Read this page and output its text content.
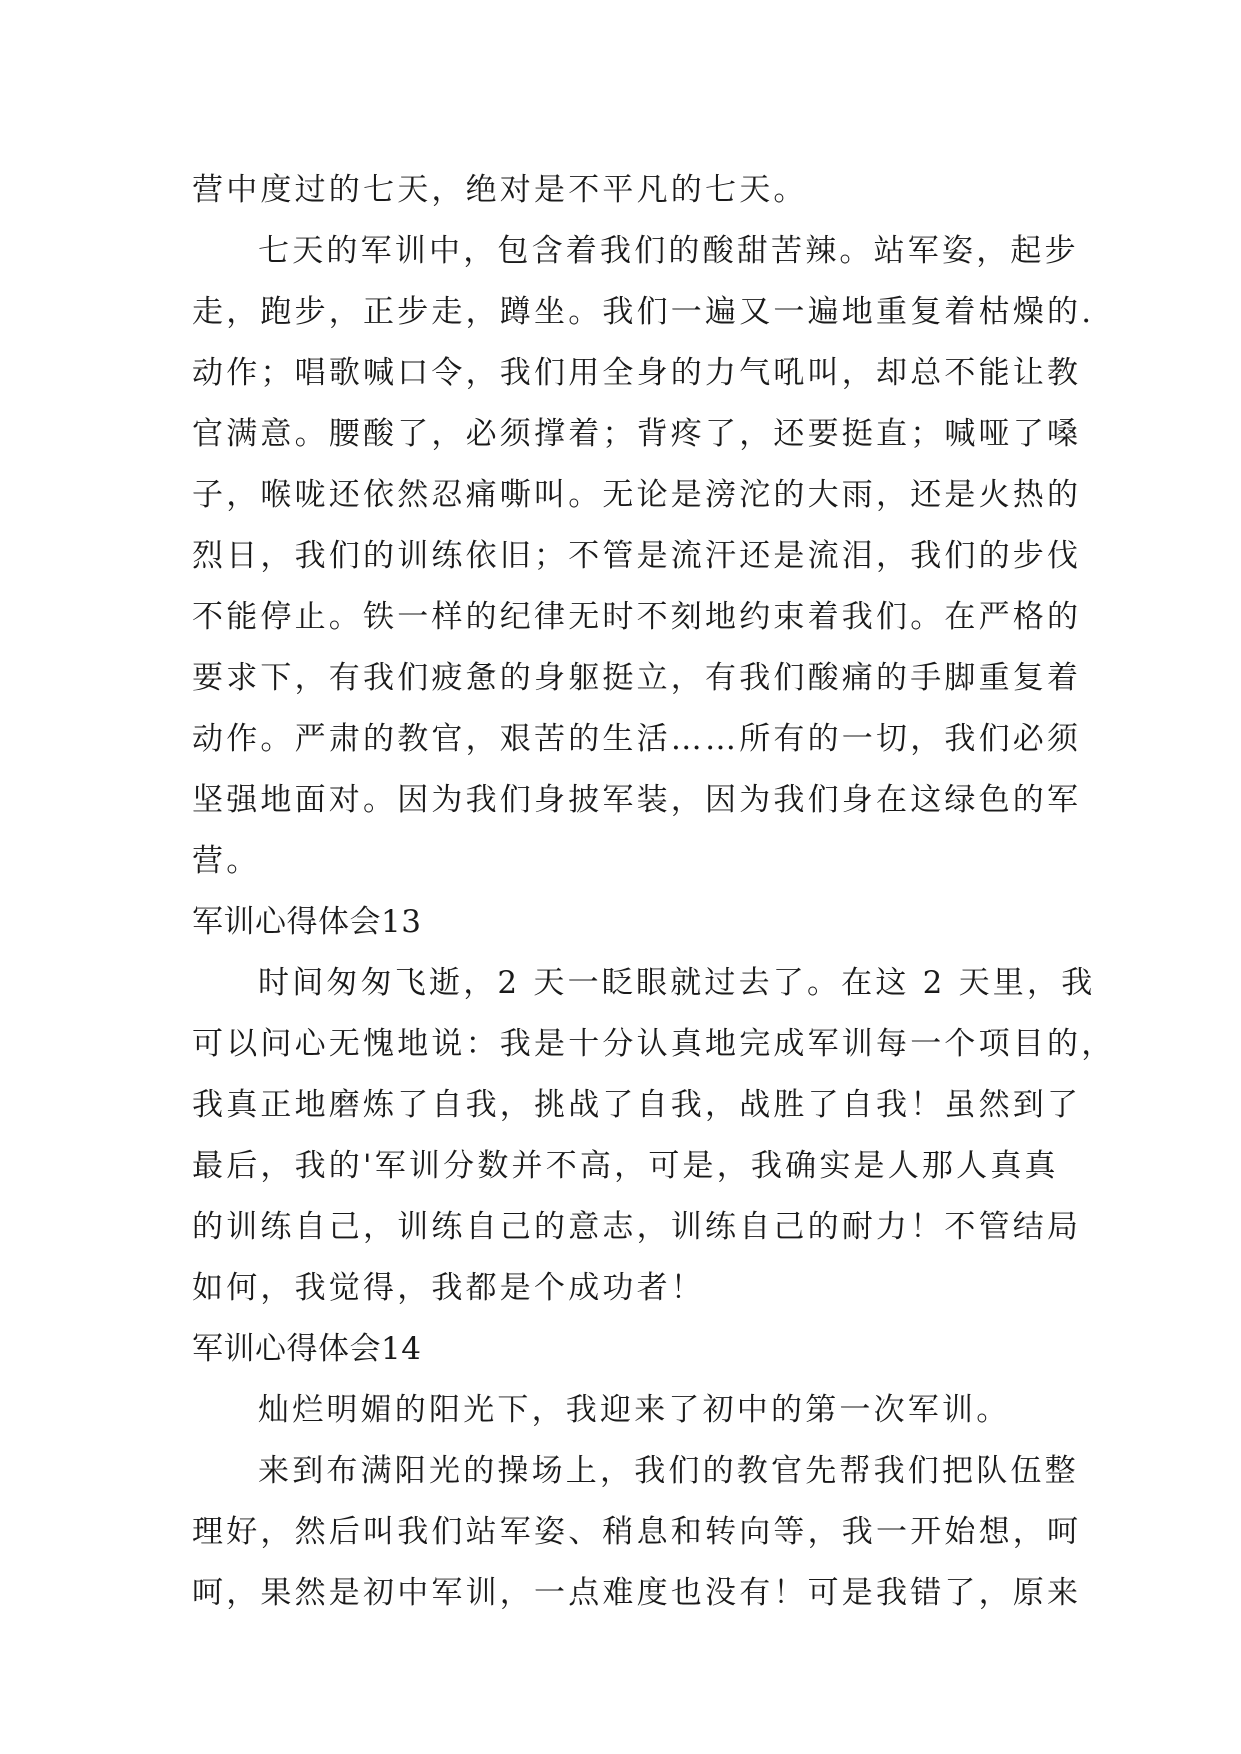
营中度过的七天，绝对是不平凡的七天。
七天的军训中，包含着我们的酸甜苦辣。站军姿，起步
走，跑步，正步走，蹲坐。我们一遍又一遍地重复着枯燥的.
动作；唱歌喊口令，我们用全身的力气吼叫，却总不能让教
官满意。腰酸了，必须撑着；背疼了，还要挺直；喊哑了嗓
子，喉咙还依然忍痛嘶叫。无论是滂沱的大雨，还是火热的
烈日，我们的训练依旧；不管是流汗还是流泪，我们的步伐
不能停止。铁一样的纪律无时不刻地约束着我们。在严格的
要求下，有我们疲惫的身躯挺立，有我们酸痛的手脚重复着
动作。严肃的教官，艰苦的生活……所有的一切，我们必须
坚强地面对。因为我们身披军装，因为我们身在这绿色的军
营。
军训心得体会13
时间匆匆飞逝，2 天一眨眼就过去了。在这 2 天里，我
可以问心无愧地说：我是十分认真地完成军训每一个项目的，
我真正地磨炼了自我，挑战了自我，战胜了自我！虽然到了
最后，我的'军训分数并不高，可是，我确实是人那人真真
的训练自己，训练自己的意志，训练自己的耐力！不管结局
如何，我觉得，我都是个成功者！
军训心得体会14
灿烂明媚的阳光下，我迎来了初中的第一次军训。
来到布满阳光的操场上，我们的教官先帮我们把队伍整
理好，然后叫我们站军姿、稍息和转向等，我一开始想，呵
呵，果然是初中军训，一点难度也没有！可是我错了，原来
